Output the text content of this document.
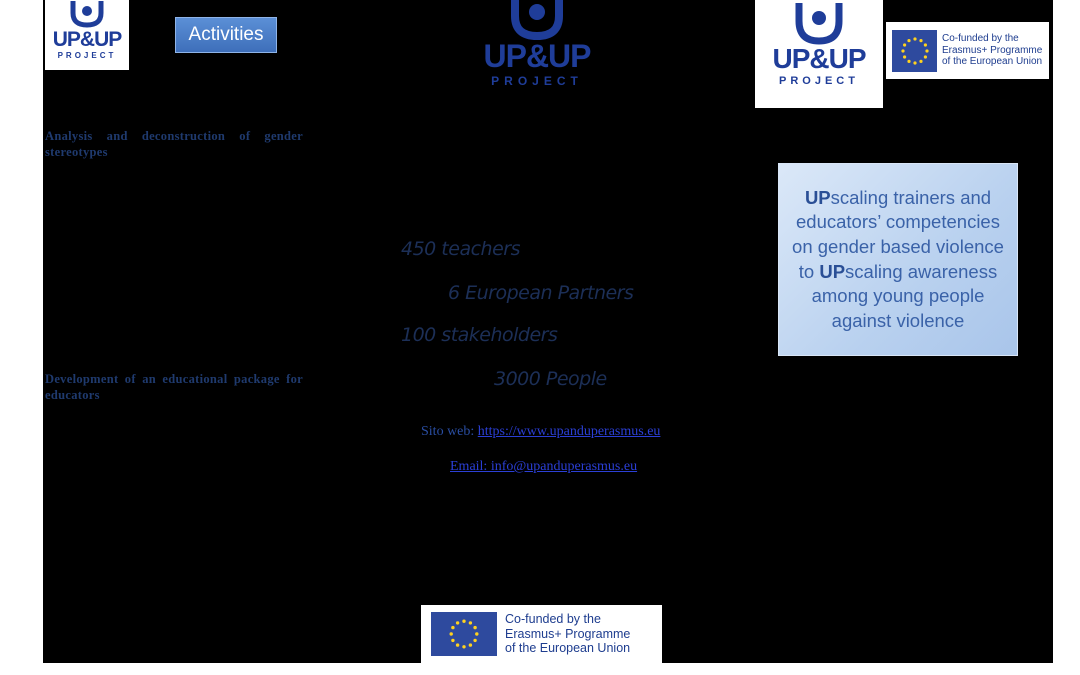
UP&UP
PROJECT
Activities
UP&UP
PROJECT
UP&UP
PROJECT
Co-funded by the
Erasmus+ Programme
of the European Union
Analysis and deconstruction of gender stereotypes
Development of an educational package for educators
450 teachers
6 European Partners
100 stakeholders
3000 People
Sito web: https://www.upanduperasmus.eu
Email: info@upanduperasmus.eu
UPscaling trainers and educators’ competencies on gender based violence to UPscaling awareness among young people against violence
Co-funded by the
Erasmus+ Programme
of the European Union
